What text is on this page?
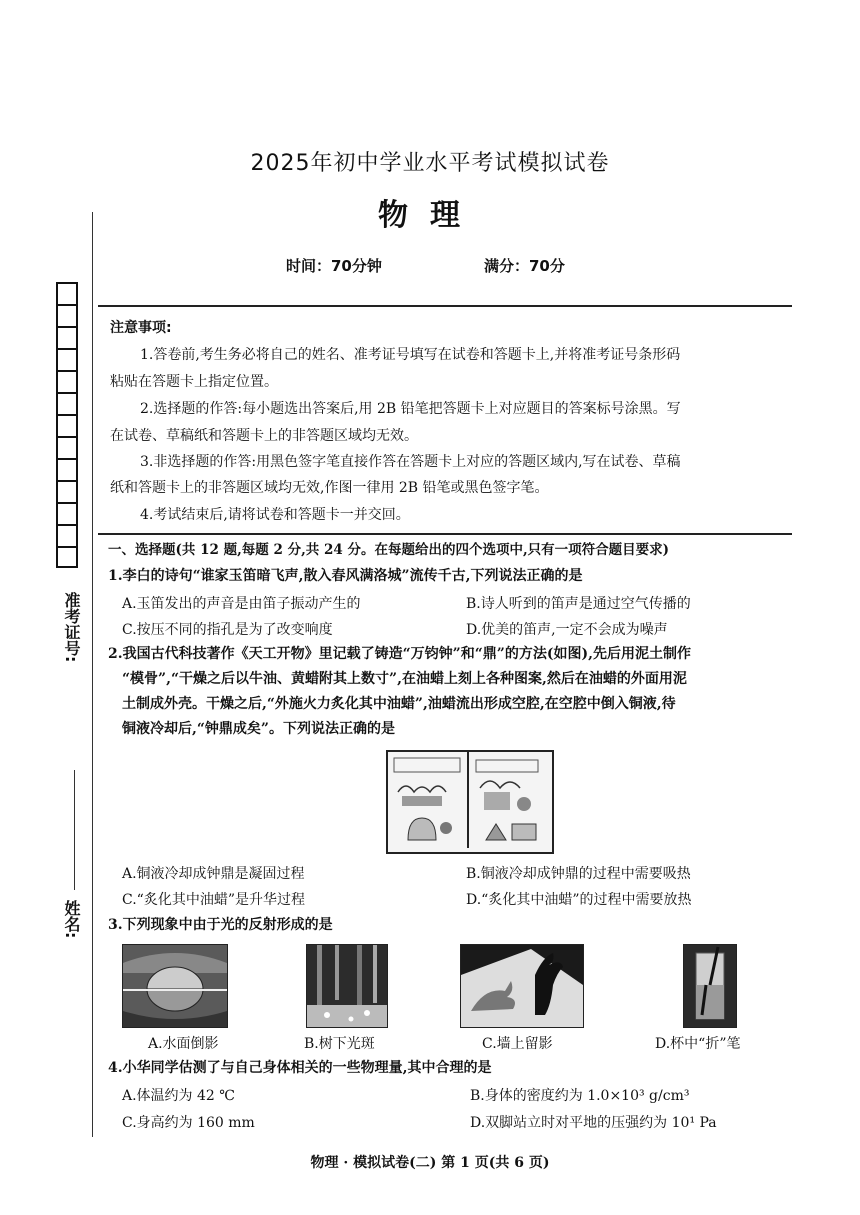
2025年初中学业水平考试模拟试卷
物理
时间：70分钟	满分：70分
准考证号:
姓名:
注意事项:
1.答卷前,考生务必将自己的姓名、准考证号填写在试卷和答题卡上,并将准考证号条形码
粘贴在答题卡上指定位置。
2.选择题的作答:每小题选出答案后,用 2B 铅笔把答题卡上对应题目的答案标号涂黑。写
在试卷、草稿纸和答题卡上的非答题区域均无效。
3.非选择题的作答:用黑色签字笔直接作答在答题卡上对应的答题区域内,写在试卷、草稿
纸和答题卡上的非答题区域均无效,作图一律用 2B 铅笔或黑色签字笔。
4.考试结束后,请将试卷和答题卡一并交回。
一、选择题(共 12 题,每题 2 分,共 24 分。在每题给出的四个选项中,只有一项符合题目要求)
1.李白的诗句“谁家玉笛暗飞声,散入春风满洛城”流传千古,下列说法正确的是
A.玉笛发出的声音是由笛子振动产生的	B.诗人听到的笛声是通过空气传播的
C.按压不同的指孔是为了改变响度	D.优美的笛声,一定不会成为噪声
2.我国古代科技著作《天工开物》里记载了铸造“万钧钟”和“鼎”的方法(如图),先后用泥土制作
“模骨”,“干燥之后以牛油、黄蜡附其上数寸”,在油蜡上刻上各种图案,然后在油蜡的外面用泥
土制成外壳。干燥之后,“外施火力炙化其中油蜡”,油蜡流出形成空腔,在空腔中倒入铜液,待
铜液冷却后,“钟鼎成矣”。下列说法正确的是
A.铜液冷却成钟鼎是凝固过程	B.铜液冷却成钟鼎的过程中需要吸热
C.“炙化其中油蜡”是升华过程	D.“炙化其中油蜡”的过程中需要放热
3.下列现象中由于光的反射形成的是
A.水面倒影	B.树下光斑	C.墙上留影	D.杯中“折”笔
4.小华同学估测了与自己身体相关的一些物理量,其中合理的是
A.体温约为 42 ℃	B.身体的密度约为 1.0×10³ g/cm³
C.身高约为 160 mm	D.双脚站立时对平地的压强约为 10¹ Pa
物理 · 模拟试卷(二) 第 1 页(共 6 页)
